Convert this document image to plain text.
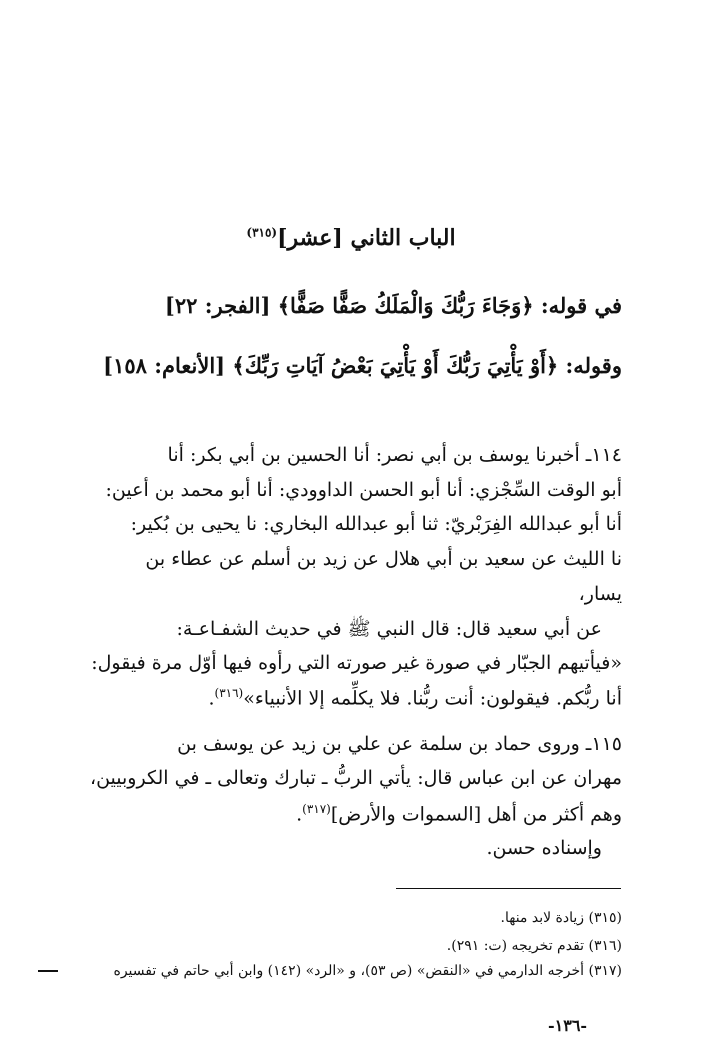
الباب الثاني [عشر]$^{(٣١٥)}$
في قوله: ﴿وَجَاءَ رَبُّكَ وَالْمَلَكُ صَفًّا صَفًّا﴾ [الفجر: ٢٢]
وقوله: ﴿أَوْ يَأْتِيَ رَبُّكَ أَوْ يَأْتِيَ بَعْضُ آيَاتِ رَبِّكَ﴾ [الأنعام: ١٥٨]
١١٤ـ أخبرنا يوسف بن أبي نصر: أنا الحسين بن أبي بكر: أنا
أبو الوقت السِّجْزي: أنا أبو الحسن الداوودي: أنا أبو محمد بن أعين:
أنا أبو عبدالله الفِرَبْريّ: ثنا أبو عبدالله البخاري: نا يحيى بن بُكير:
نا الليث عن سعيد بن أبي هلال عن زيد بن أسلم عن عطاء بن
يسار،
عن أبي سعيد قال: قال النبي ﷺ في حديث الشفـاعـة:
«فيأتيهم الجبّار في صورة غير صورته التي رأوه فيها أوّل مرة فيقول:
أنا ربُّكم. فيقولون: أنت ربُّنا. فلا يكلِّمه إلا الأنبياء»$^{(٣١٦)}$.
١١٥ـ وروى حماد بن سلمة عن علي بن زيد عن يوسف بن
مهران عن ابن عباس قال: يأتي الربُّ ـ تبارك وتعالى ـ في الكروبيين،
وهم أكثر من أهل [السموات والأرض]$^{(٣١٧)}$.
وإسناده حسن.
(٣١٥) زيادة لابد منها.
(٣١٦) تقدم تخريجه (ت: ٢٩١).
(٣١٧) أخرجه الدارمي في «النقض» (ص ٥٣)، و «الرد» (١٤٢) وابن أبي حاتم في تفسيره
-١٣٦-
